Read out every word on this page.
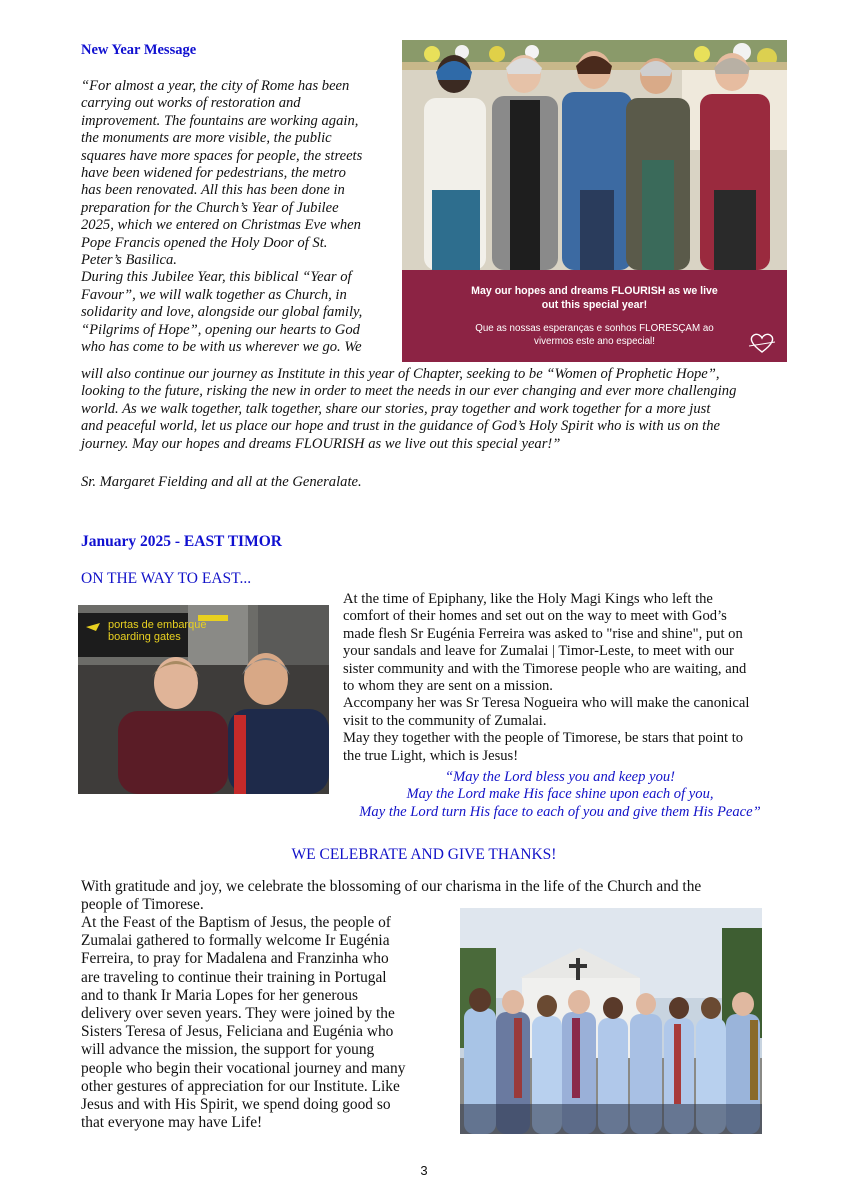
New Year Message
“For almost a year, the city of Rome has been
carrying out works of restoration and
improvement. The fountains are working again,
the monuments are more visible, the public
squares have more spaces for people, the streets
have been widened for pedestrians, the metro
has been renovated. All this has been done in
preparation for the Church’s Year of Jubilee
2025, which we entered on Christmas Eve when
Pope Francis opened the Holy Door of St.
Peter’s Basilica.
During this Jubilee Year, this biblical “Year of
Favour”, we will walk together as Church, in
solidarity and love, alongside our global family,
“Pilgrims of Hope”, opening our hearts to God
who has come to be with us wherever we go. We
will also continue our journey as Institute in this year of Chapter, seeking to be “Women of Prophetic Hope”,
looking to the future, risking the new in order to meet the needs in our ever changing and ever more challenging
world. As we walk together, talk together, share our stories, pray together and work together for a more just
and peaceful world, let us place our hope and trust in the guidance of God’s Holy Spirit who is with us on the
journey. May our hopes and dreams FLOURISH as we live out this special year!”
Sr. Margaret Fielding and all at the Generalate.
May our hopes and dreams FLOURISH as we live out this special year!
Que as nossas esperanças e sonhos FLORESÇAM ao vivermos este ano especial!
January 2025 - EAST TIMOR
ON THE WAY TO EAST...
portas de embarque
boarding gates
At the time of Epiphany, like the Holy Magi Kings who left the
comfort of their homes and set out on the way to meet with God’s
made flesh Sr Eugénia Ferreira was asked to "rise and shine", put on
your sandals and leave for Zumalai | Timor-Leste, to meet with our
sister community and with the Timorese people who are waiting, and
to whom they are sent on a mission.
Accompany her was Sr Teresa Nogueira who will make the canonical
visit to the community of Zumalai.
May they together with the people of Timorese, be stars that point to
the true Light, which is Jesus!
“May the Lord bless you and keep you!
May the Lord make His face shine upon each of you,
May the Lord turn His face to each of you and give them His Peace”
WE CELEBRATE AND GIVE THANKS!
With gratitude and joy, we celebrate the blossoming of our charisma in the life of the Church and the
people of Timorese.
At the Feast of the Baptism of Jesus, the people of
Zumalai gathered to formally welcome Ir Eugénia
Ferreira, to pray for Madalena and Franzinha who
are traveling to continue their training in Portugal
and to thank Ir Maria Lopes for her generous
delivery over seven years. They were joined by the
Sisters Teresa of Jesus, Feliciana and Eugénia who
will advance the mission, the support for young
people who begin their vocational journey and many
other gestures of appreciation for our Institute. Like
Jesus and with His Spirit, we spend doing good so
that everyone may have Life!
3
